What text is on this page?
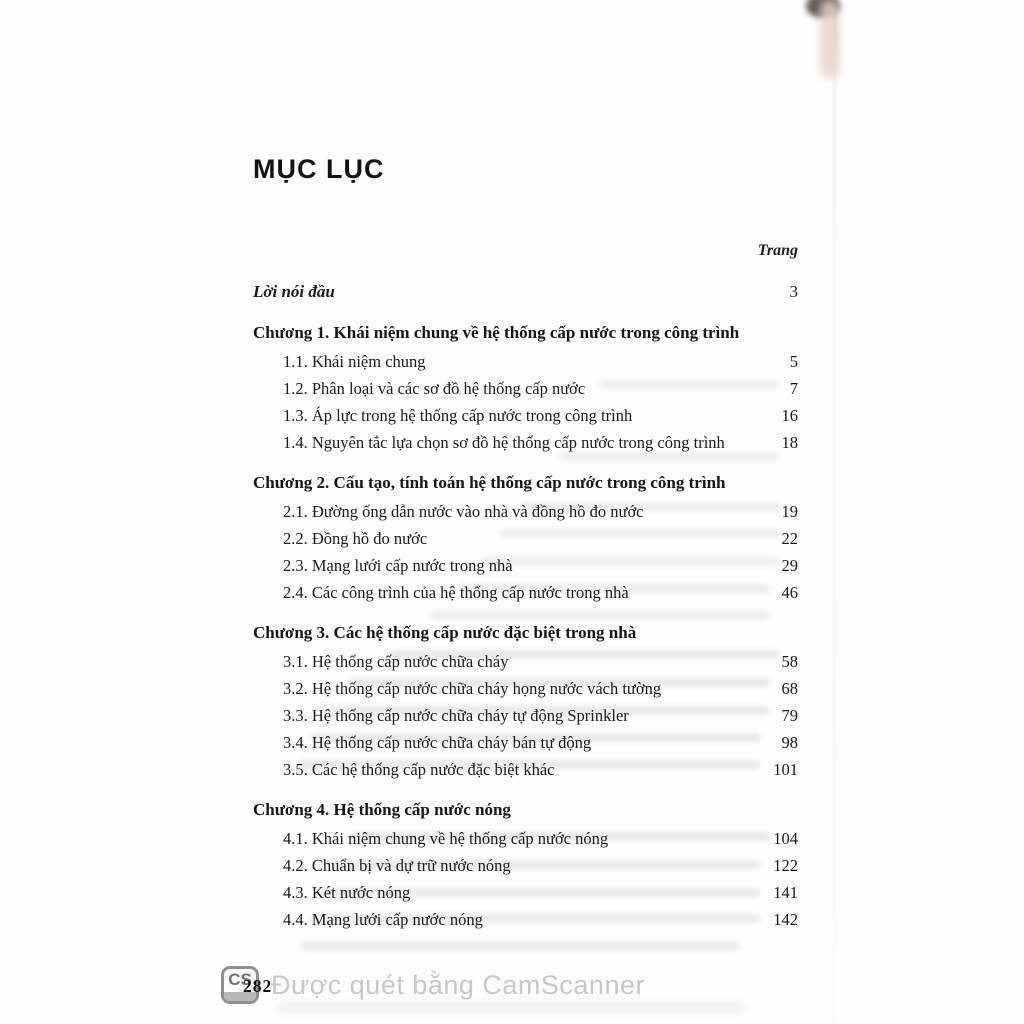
MỤC LỤC
Trang
Lời nói đầu	3
Chương 1. Khái niệm chung về hệ thống cấp nước trong công trình
1.1. Khái niệm chung	5
1.2. Phân loại và các sơ đồ hệ thống cấp nước	7
1.3. Áp lực trong hệ thống cấp nước trong công trình	16
1.4. Nguyên tắc lựa chọn sơ đồ hệ thống cấp nước trong công trình	18
Chương 2. Cấu tạo, tính toán hệ thống cấp nước trong công trình
2.1. Đường ống dẫn nước vào nhà và đồng hồ đo nước	19
2.2. Đồng hồ đo nước	22
2.3. Mạng lưới cấp nước trong nhà	29
2.4. Các công trình của hệ thống cấp nước trong nhà	46
Chương 3. Các hệ thống cấp nước đặc biệt trong nhà
3.1. Hệ thống cấp nước chữa cháy	58
3.2. Hệ thống cấp nước chữa cháy họng nước vách tường	68
3.3. Hệ thống cấp nước chữa cháy tự động Sprinkler	79
3.4. Hệ thống cấp nước chữa cháy bán tự động	98
3.5. Các hệ thống cấp nước đặc biệt khác	101
Chương 4. Hệ thống cấp nước nóng
4.1. Khái niệm chung về hệ thống cấp nước nóng	104
4.2. Chuẩn bị và dự trữ nước nóng	122
4.3. Két nước nóng	141
4.4. Mạng lưới cấp nước nóng	142
CS
282
Được quét bằng CamScanner
